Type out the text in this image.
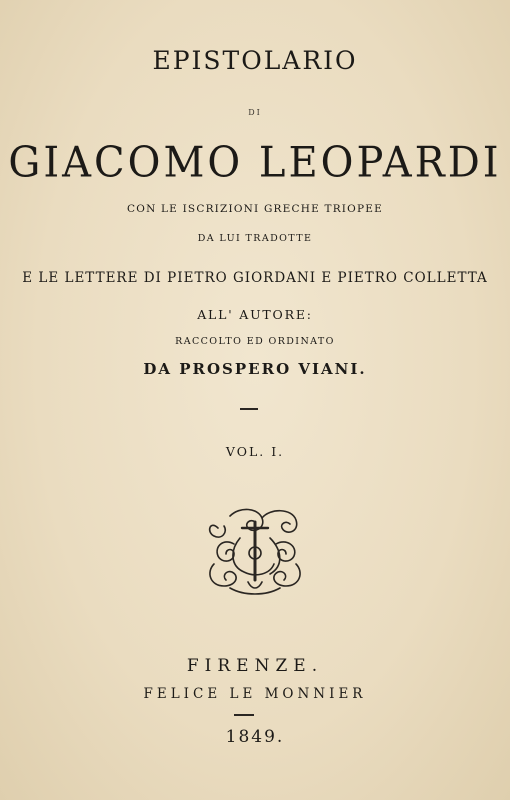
EPISTOLARIO
DI
GIACOMO LEOPARDI
CON LE ISCRIZIONI GRECHE TRIOPEE
DA LUI TRADOTTE
E LE LETTERE DI PIETRO GIORDANI E PIETRO COLLETTA
ALL' AUTORE:
RACCOLTO ED ORDINATO
DA PROSPERO VIANI.
VOL. I.
FIRENZE.
FELICE LE MONNIER
1849.
